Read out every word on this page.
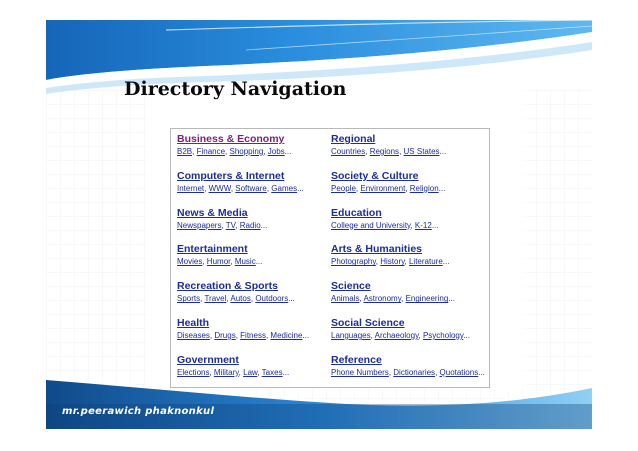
Directory Navigation
Business & Economy
B2B, Finance, Shopping, Jobs...
Computers & Internet
Internet, WWW, Software, Games...
News & Media
Newspapers, TV, Radio...
Entertainment
Movies, Humor, Music...
Recreation & Sports
Sports, Travel, Autos, Outdoors...
Health
Diseases, Drugs, Fitness, Medicine...
Government
Elections, Military, Law, Taxes...
Regional
Countries, Regions, US States...
Society & Culture
People, Environment, Religion...
Education
College and University, K-12...
Arts & Humanities
Photography, History, Literature...
Science
Animals, Astronomy, Engineering...
Social Science
Languages, Archaeology, Psychology...
Reference
Phone Numbers, Dictionaries, Quotations...
mr.peerawich phaknonkul
